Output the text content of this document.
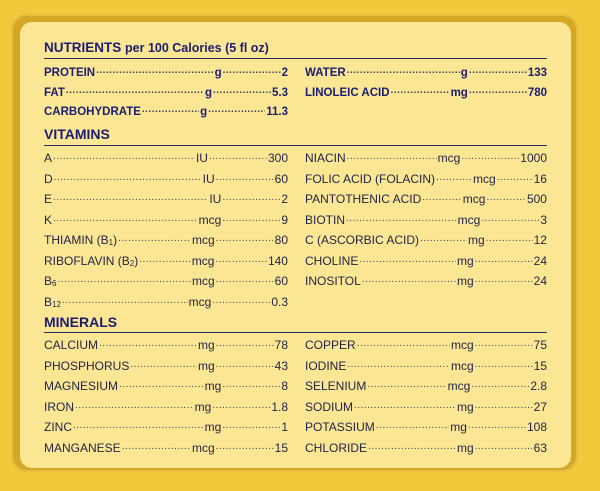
NUTRIENTS per 100 Calories (5 fl oz)
PROTEIN .....	g .....	2
FAT .....	g .....	5.3
CARBOHYDRATE .....	g .....	11.3
WATER .....	g .....	133
LINOLEIC ACID .....	mg .....	780
VITAMINS
A .....	IU .....	300
D .....	IU .....	60
E .....	IU .....	2
K .....	mcg .....	9
THIAMIN (B1) .....	mcg .....	80
RIBOFLAVIN (B2) .....	mcg .....	140
B6 .....	mcg .....	60
B12 .....	mcg .....	0.3
NIACIN .....	mcg .....	1000
FOLIC ACID (FOLACIN) .....	mcg .....	16
PANTOTHENIC ACID .....	mcg .....	500
BIOTIN .....	mcg .....	3
C (ASCORBIC ACID) .....	mg .....	12
CHOLINE .....	mg .....	24
INOSITOL .....	mg .....	24
MINERALS
CALCIUM .....	mg .....	78
PHOSPHORUS .....	mg .....	43
MAGNESIUM .....	mg .....	8
IRON .....	mg .....	1.8
ZINC .....	mg .....	1
MANGANESE .....	mcg .....	15
COPPER .....	mcg .....	75
IODINE .....	mcg .....	15
SELENIUM .....	mcg .....	2.8
SODIUM .....	mg .....	27
POTASSIUM .....	mg .....	108
CHLORIDE .....	mg .....	63
